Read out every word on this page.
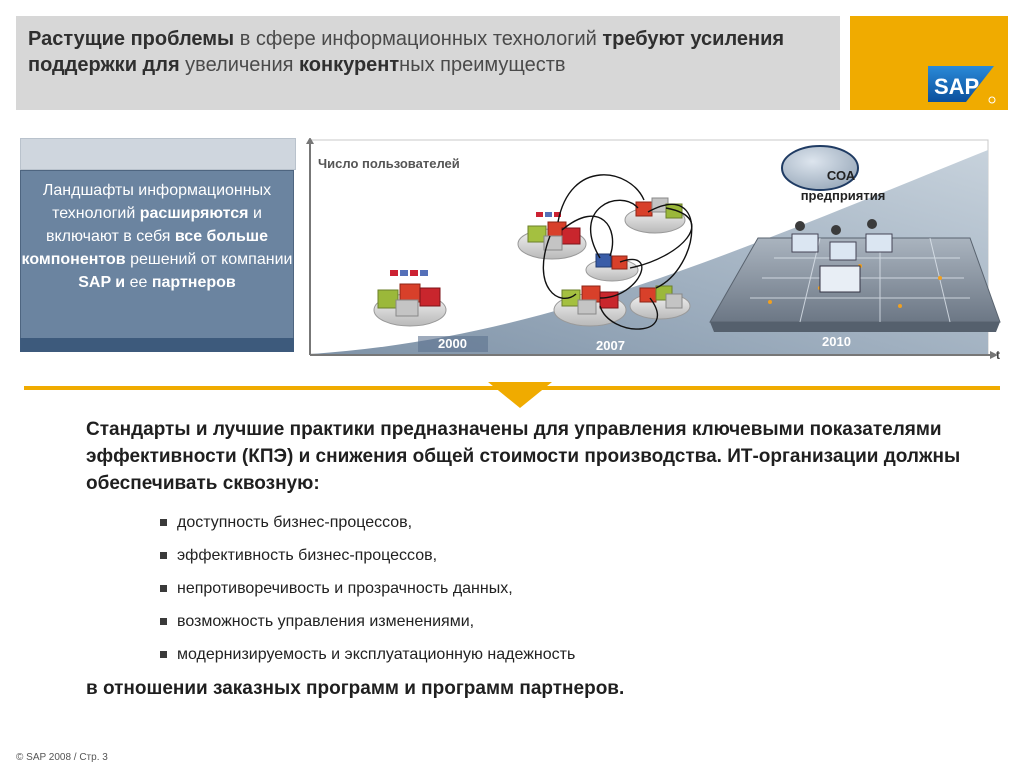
Растущие проблемы в сфере информационных технологий требуют усиления поддержки для увеличения конкурентных преимуществ
SAP
Ландшафты информационных технологий расширяются и включают в себя все больше компонентов решений от компании SAP и ее партнеров
Число пользователей
t
СОА
предприятия
2000	2007	2010

Стандарты и лучшие практики предназначены для управления ключевыми показателями эффективности (КПЭ) и снижения общей стоимости производства. ИТ-организации должны обеспечивать сквозную:

доступность бизнес-процессов,
эффективность бизнес-процессов,
непротиворечивость и прозрачность данных,
возможность управления изменениями,
модернизируемость и эксплуатационную надежность

в отношении заказных программ и программ партнеров.

© SAP 2008 / Стр. 3
